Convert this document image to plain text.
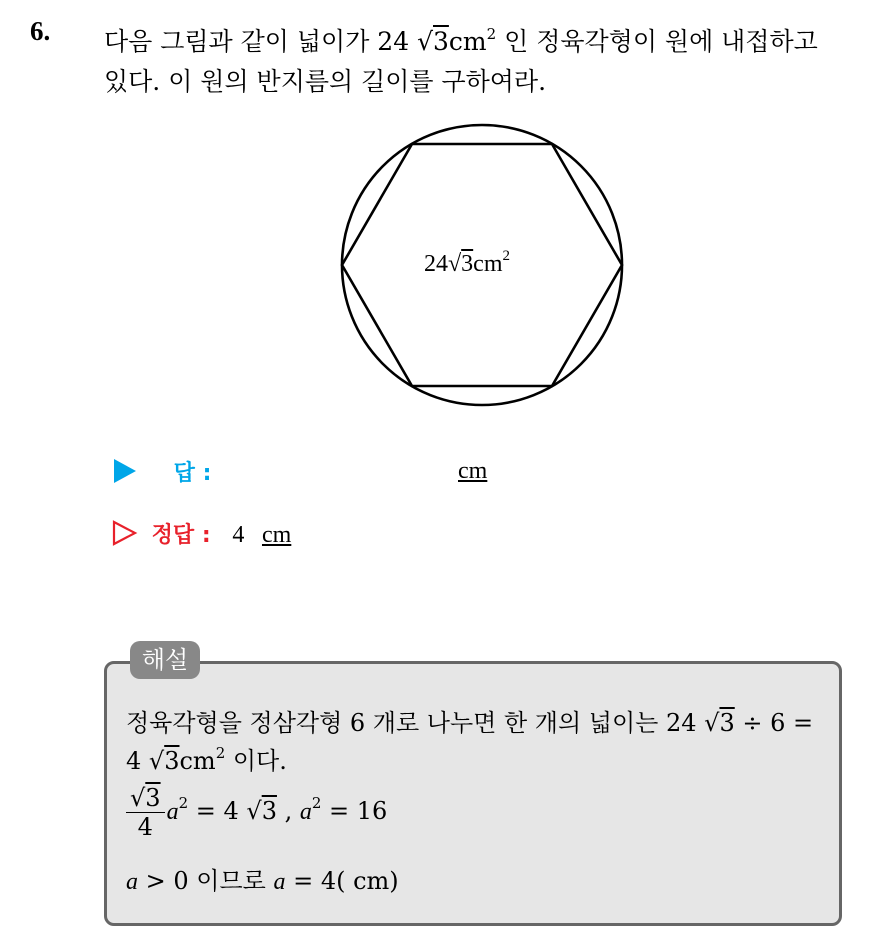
6. 다음 그림과 같이 넓이가 24 $√3cm^2$ 인 정육각형이 원에 내접하고
있다. 이 원의 반지름의 길이를 구하여라.
$24√3cm^2$
답 :	cm
정답 : 4 cm
해설
정육각형을 정삼각형 6 개로 나누면 한 개의 넓이는 24 √3 ÷ 6 =
4 $√3cm^2$ 이다.
$\frac{√3}{4} a^2 = 4$ √3 , $a^2 = 16$
a > 0 이므로 a = 4( cm)
